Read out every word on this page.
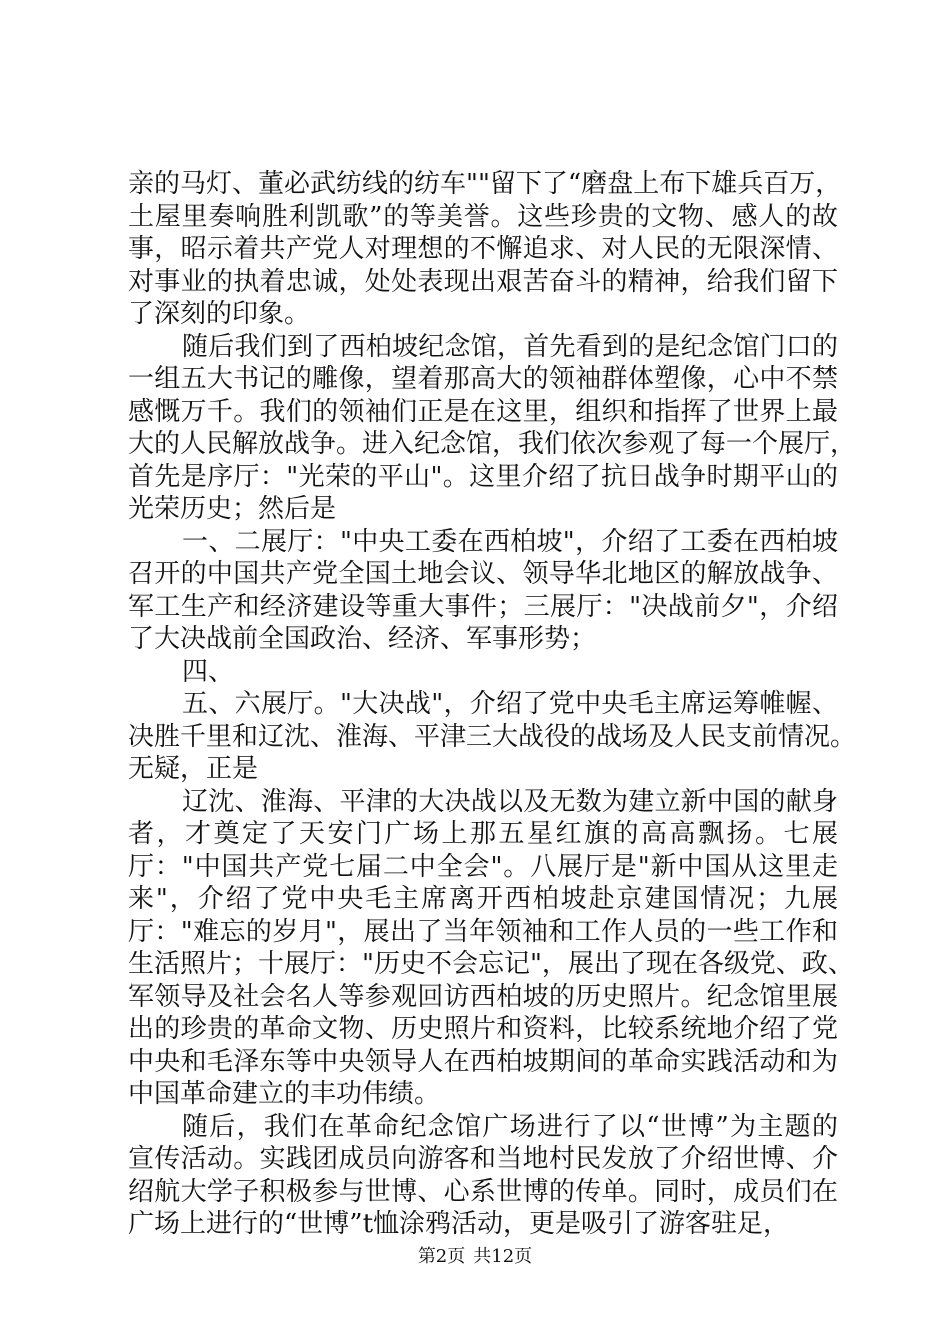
亲的马灯、董必武纺线的纺车""留下了“磨盘上布下雄兵百万，
土屋里奏响胜利凯歌”的等美誉。这些珍贵的文物、感人的故
事，昭示着共产党人对理想的不懈追求、对人民的无限深情、
对事业的执着忠诚，处处表现出艰苦奋斗的精神，给我们留下
了深刻的印象。
随后我们到了西柏坡纪念馆，首先看到的是纪念馆门口的
一组五大书记的雕像，望着那高大的领袖群体塑像，心中不禁
感慨万千。我们的领袖们正是在这里，组织和指挥了世界上最
大的人民解放战争。进入纪念馆，我们依次参观了每一个展厅，
首先是序厅："光荣的平山"。这里介绍了抗日战争时期平山的
光荣历史；然后是
一、二展厅："中央工委在西柏坡"，介绍了工委在西柏坡
召开的中国共产党全国土地会议、领导华北地区的解放战争、
军工生产和经济建设等重大事件；三展厅："决战前夕"，介绍
了大决战前全国政治、经济、军事形势；
四、
五、六展厅。"大决战"，介绍了党中央毛主席运筹帷幄、
决胜千里和辽沈、淮海、平津三大战役的战场及人民支前情况。
无疑，正是
辽沈、淮海、平津的大决战以及无数为建立新中国的献身
者，才奠定了天安门广场上那五星红旗的高高飘扬。七展
厅："中国共产党七届二中全会"。八展厅是"新中国从这里走
来"，介绍了党中央毛主席离开西柏坡赴京建国情况；九展
厅："难忘的岁月"，展出了当年领袖和工作人员的一些工作和
生活照片；十展厅："历史不会忘记"，展出了现在各级党、政、
军领导及社会名人等参观回访西柏坡的历史照片。纪念馆里展
出的珍贵的革命文物、历史照片和资料，比较系统地介绍了党
中央和毛泽东等中央领导人在西柏坡期间的革命实践活动和为
中国革命建立的丰功伟绩。
随后，我们在革命纪念馆广场进行了以“世博”为主题的
宣传活动。实践团成员向游客和当地村民发放了介绍世博、介
绍航大学子积极参与世博、心系世博的传单。同时，成员们在
广场上进行的“世博”t恤涂鸦活动，更是吸引了游客驻足，
第2页 共12页
